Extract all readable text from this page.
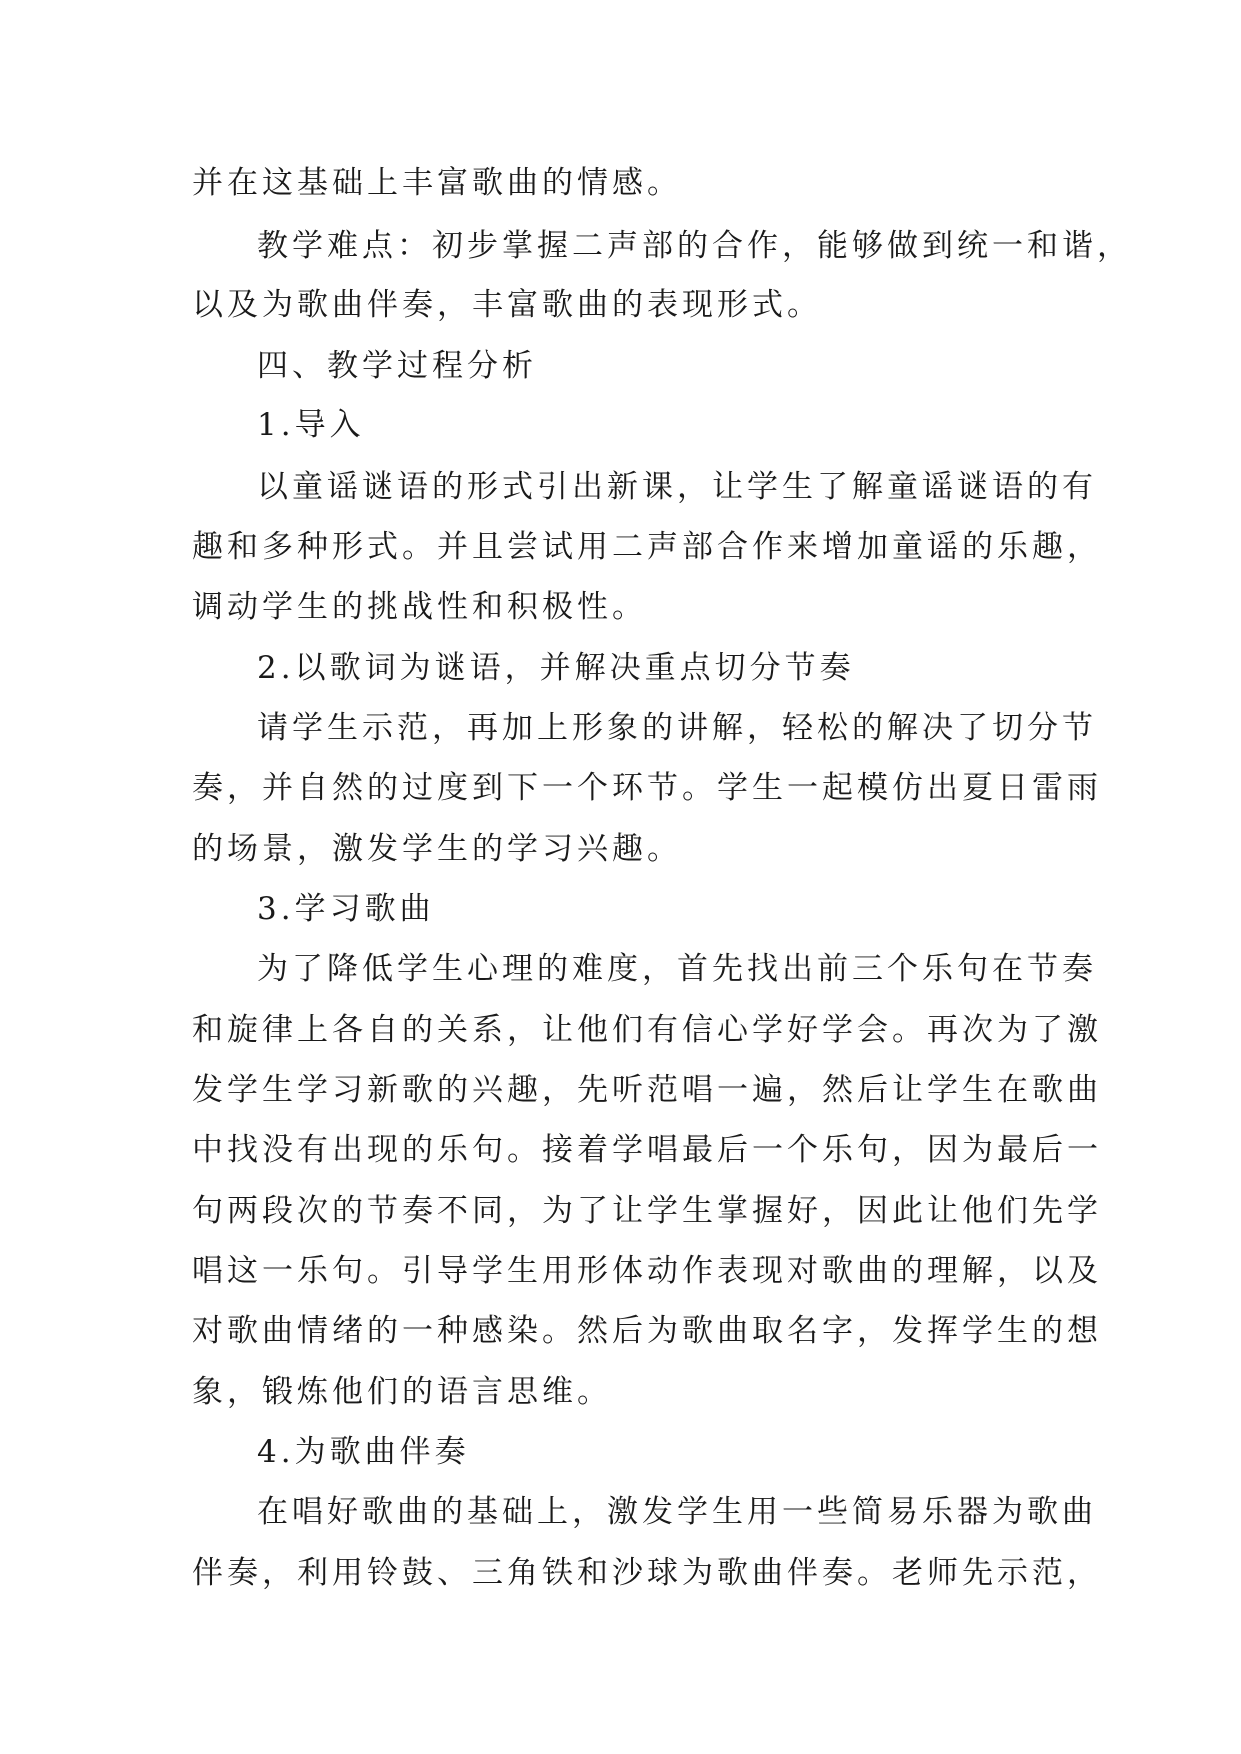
并在这基础上丰富歌曲的情感。
教学难点：初步掌握二声部的合作，能够做到统一和谐，
以及为歌曲伴奏，丰富歌曲的表现形式。
四、教学过程分析
1.导入
以童谣谜语的形式引出新课，让学生了解童谣谜语的有
趣和多种形式。并且尝试用二声部合作来增加童谣的乐趣，
调动学生的挑战性和积极性。
2.以歌词为谜语，并解决重点切分节奏
请学生示范，再加上形象的讲解，轻松的解决了切分节
奏，并自然的过度到下一个环节。学生一起模仿出夏日雷雨
的场景，激发学生的学习兴趣。
3.学习歌曲
为了降低学生心理的难度，首先找出前三个乐句在节奏
和旋律上各自的关系，让他们有信心学好学会。再次为了激
发学生学习新歌的兴趣，先听范唱一遍，然后让学生在歌曲
中找没有出现的乐句。接着学唱最后一个乐句，因为最后一
句两段次的节奏不同，为了让学生掌握好，因此让他们先学
唱这一乐句。引导学生用形体动作表现对歌曲的理解，以及
对歌曲情绪的一种感染。然后为歌曲取名字，发挥学生的想
象，锻炼他们的语言思维。
4.为歌曲伴奏
在唱好歌曲的基础上，激发学生用一些简易乐器为歌曲
伴奏，利用铃鼓、三角铁和沙球为歌曲伴奏。老师先示范，
